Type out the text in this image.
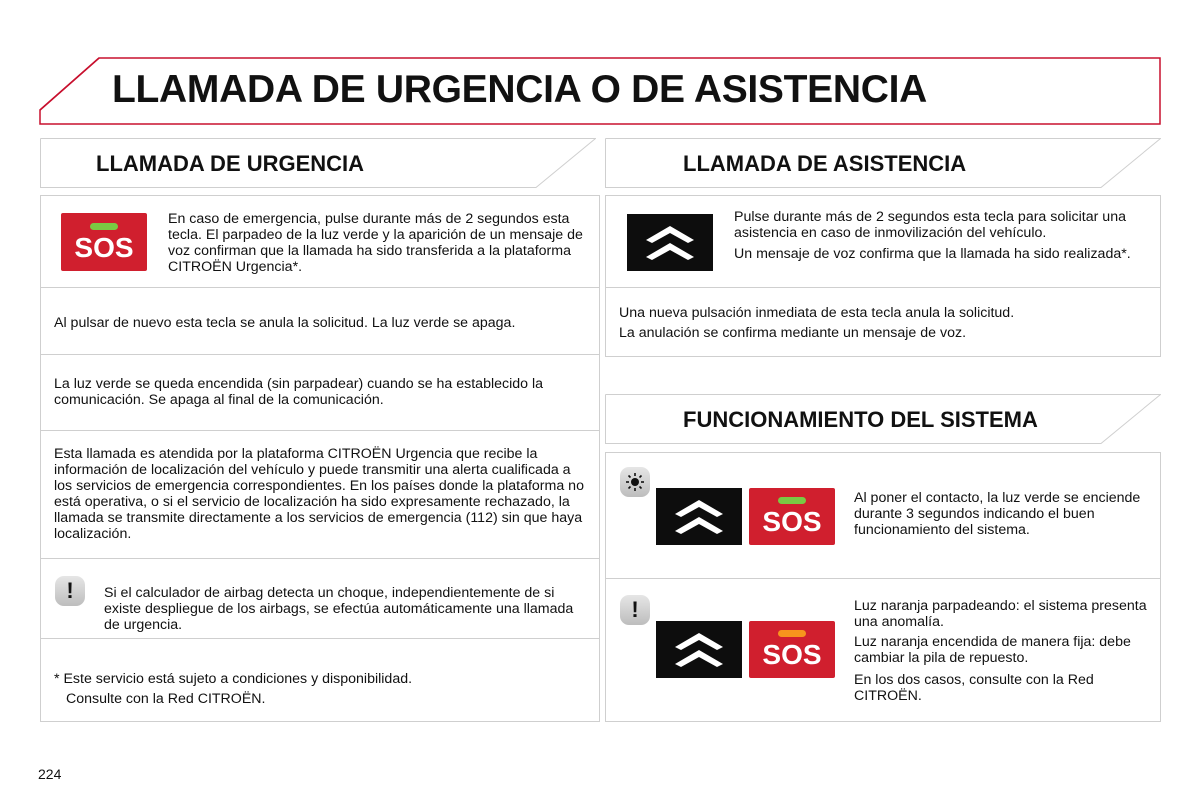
LLAMADA DE URGENCIA O DE ASISTENCIA
LLAMADA DE URGENCIA
SOS
En caso de emergencia, pulse durante más de 2 segundos esta tecla. El parpadeo de la luz verde y la aparición de un mensaje de voz confirman que la llamada ha sido transferida a la plataforma CITROËN Urgencia*.
Al pulsar de nuevo esta tecla se anula la solicitud. La luz verde se apaga.
La luz verde se queda encendida (sin parpadear) cuando se ha establecido la comunicación. Se apaga al final de la comunicación.
Esta llamada es atendida por la plataforma CITROËN Urgencia que recibe la información de localización del vehículo y puede transmitir una alerta cualificada a los servicios de emergencia correspondientes. En los países donde la plataforma no está operativa, o si el servicio de localización ha sido expresamente rechazado, la llamada se transmite directamente a los servicios de emergencia (112) sin que haya localización.
!	Si el calculador de airbag detecta un choque, independientemente de si existe despliegue de los airbags, se efectúa automáticamente una llamada de urgencia.
* Este servicio está sujeto a condiciones y disponibilidad.
Consulte con la Red CITROËN.
LLAMADA DE ASISTENCIA
Pulse durante más de 2 segundos esta tecla para solicitar una asistencia en caso de inmovilización del vehículo.
Un mensaje de voz confirma que la llamada ha sido realizada*.
Una nueva pulsación inmediata de esta tecla anula la solicitud.
La anulación se confirma mediante un mensaje de voz.
FUNCIONAMIENTO DEL SISTEMA
SOS
Al poner el contacto, la luz verde se enciende durante 3 segundos indicando el buen funcionamiento del sistema.
!
SOS
Luz naranja parpadeando: el sistema presenta una anomalía.
Luz naranja encendida de manera fija: debe cambiar la pila de repuesto.
En los dos casos, consulte con la Red CITROËN.
224
